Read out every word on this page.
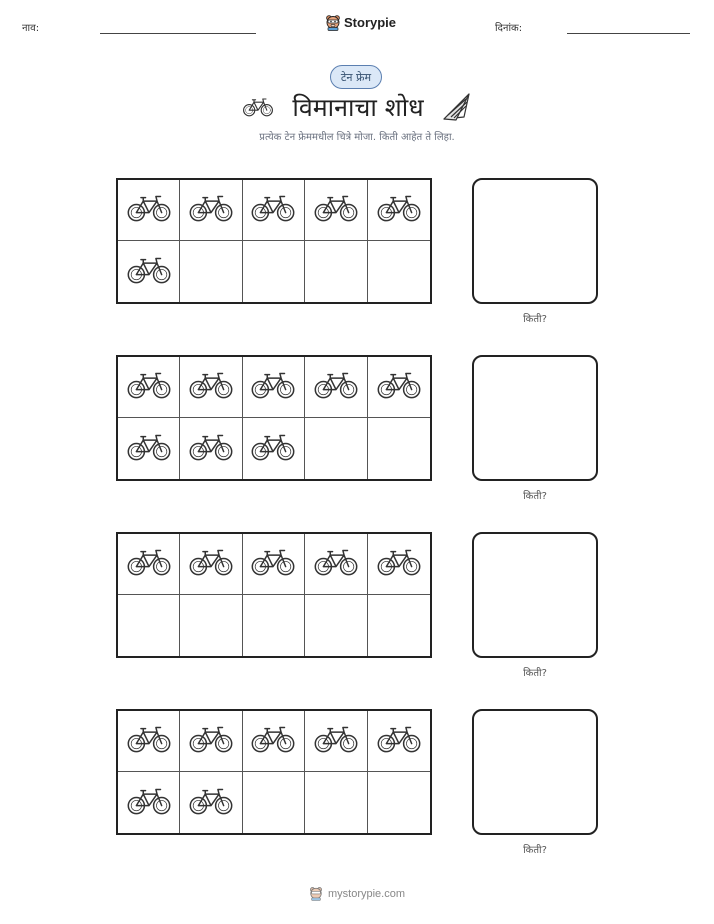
नाव:	Storypie	दिनांक:
टेन फ्रेम
विमानाचा शोध
प्रत्येक टेन फ्रेममधील चित्रे मोजा. किती आहेत ते लिहा.
किती?
किती?
किती?
किती?
mystorypie.com
